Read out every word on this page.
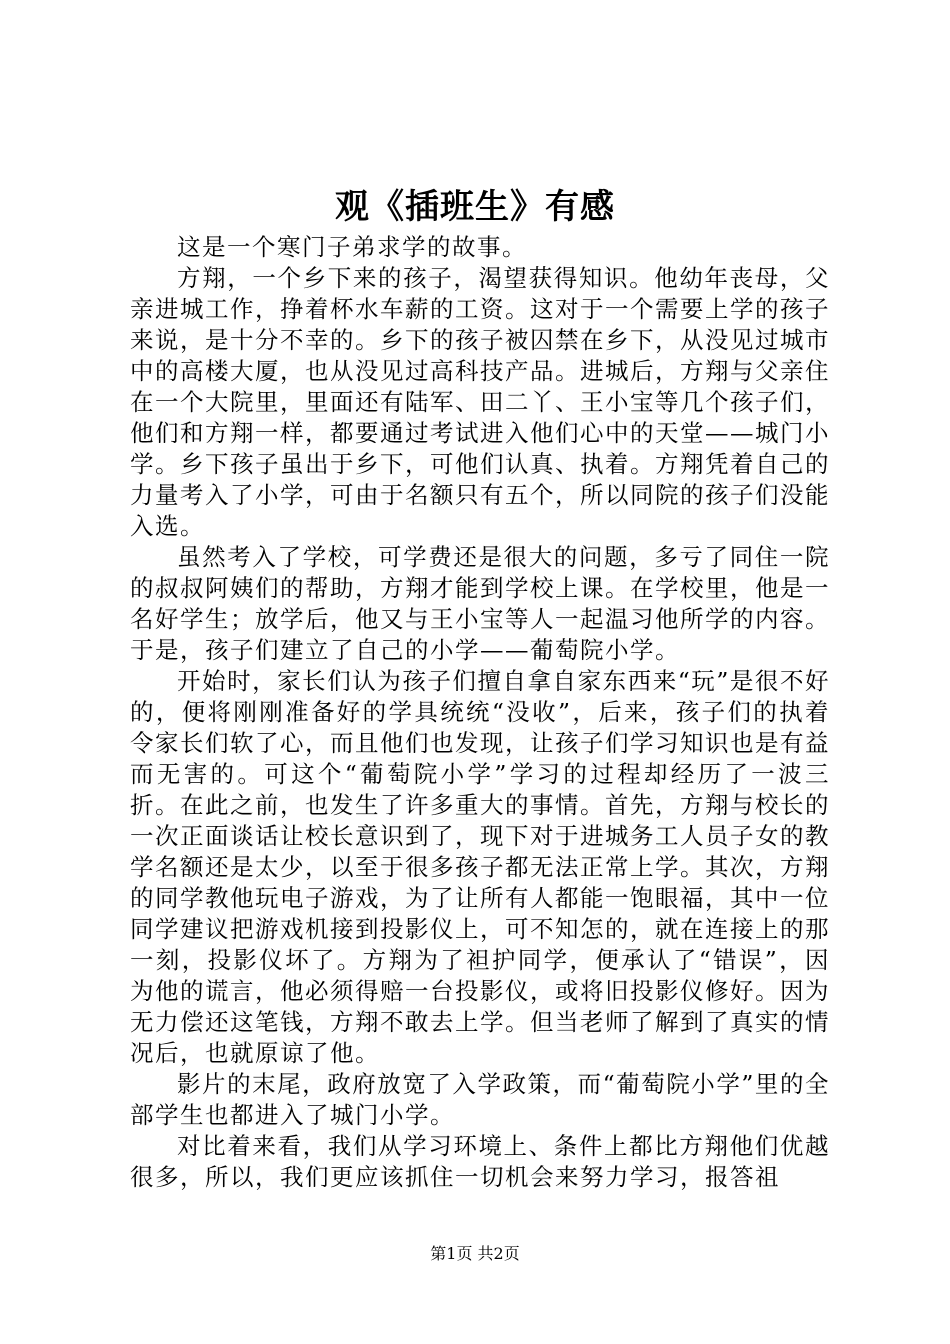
观《插班生》有感

这是一个寒门子弟求学的故事。

方翔，一个乡下来的孩子，渴望获得知识。他幼年丧母，父亲进城工作，挣着杯水车薪的工资。这对于一个需要上学的孩子来说，是十分不幸的。乡下的孩子被囚禁在乡下，从没见过城市中的高楼大厦，也从没见过高科技产品。进城后，方翔与父亲住在一个大院里，里面还有陆军、田二丫、王小宝等几个孩子们，他们和方翔一样，都要通过考试进入他们心中的天堂——城门小学。乡下孩子虽出于乡下，可他们认真、执着。方翔凭着自己的力量考入了小学，可由于名额只有五个，所以同院的孩子们没能入选。

虽然考入了学校，可学费还是很大的问题，多亏了同住一院的叔叔阿姨们的帮助，方翔才能到学校上课。在学校里，他是一名好学生；放学后，他又与王小宝等人一起温习他所学的内容。于是，孩子们建立了自己的小学——葡萄院小学。

开始时，家长们认为孩子们擅自拿自家东西来“玩”是很不好的，便将刚刚准备好的学具统统“没收”，后来，孩子们的执着令家长们软了心，而且他们也发现，让孩子们学习知识也是有益而无害的。可这个“葡萄院小学”学习的过程却经历了一波三折。在此之前，也发生了许多重大的事情。首先，方翔与校长的一次正面谈话让校长意识到了，现下对于进城务工人员子女的教学名额还是太少，以至于很多孩子都无法正常上学。其次，方翔的同学教他玩电子游戏，为了让所有人都能一饱眼福，其中一位同学建议把游戏机接到投影仪上，可不知怎的，就在连接上的那一刻，投影仪坏了。方翔为了袒护同学，便承认了“错误”，因为他的谎言，他必须得赔一台投影仪，或将旧投影仪修好。因为无力偿还这笔钱，方翔不敢去上学。但当老师了解到了真实的情况后，也就原谅了他。

影片的末尾，政府放宽了入学政策，而“葡萄院小学”里的全部学生也都进入了城门小学。

对比着来看，我们从学习环境上、条件上都比方翔他们优越很多，所以，我们更应该抓住一切机会来努力学习，报答祖

第1页 共2页
